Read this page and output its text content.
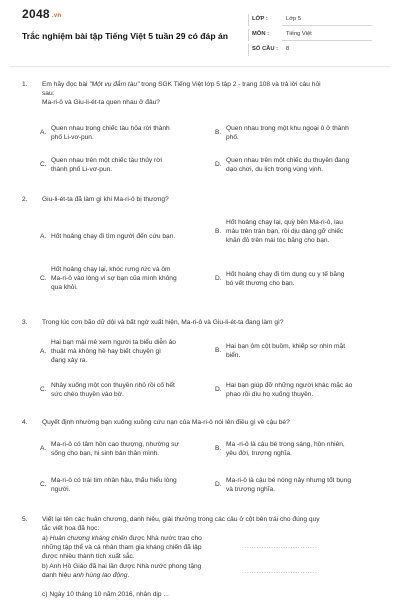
2048 .vn
Trắc nghiệm bài tập Tiếng Việt 5 tuần 29 có đáp án
LỚP :	Lớp 5
MÔN :	Tiếng Việt
SỐ CÂU : 8
1. Em hãy đọc bài "Một vụ đắm tàu" trong SGK Tiếng Việt lớp 5 tập 2 - trang 108 và trả lời câu hỏi
sau:
Ma-ri-ô và Giu-li-ét-ta quen nhau ở đâu?
A.
Quen nhau trong chiếc tàu hỏa rời thành
phố Li-vơ-pun.
B.
Quen nhau trong một khu ngoại ô ở thành
phố.
C.
Quen nhau trên một chiếc tàu thủy rời
thành phố Li-vơ-pun.
D.
Quen nhau trên một chiếc du thuyền đang
dạo chơi, du lịch trong vùng vịnh.
2. Giu-li-ét-ta đã làm gì khi Ma-ri-ô bị thương?
A. Hốt hoảng chạy đi tìm người đến cứu bạn.
B.
Hốt hoảng chạy lại, quỳ bên Ma-ri-ô, lau
máu trên trán bạn, rồi dịu dàng gỡ chiếc
khăn đỏ trên mái tóc băng cho bạn.
C.
Hốt hoảng chạy lại, khóc rưng rức và ôm
Ma-ri-ô vào lòng vì sợ bạn của mình không
qua khỏi.
D.
Hốt hoảng chạy đi tìm dụng cụ y tế băng
bó vết thương cho bạn.
3. Trong lúc cơn bão dữ dội và bất ngờ xuất hiện, Ma-ri-ô và Giu-li-ét-ta đang làm gì?
A.
Hai bạn mải mê xem người ta biểu diễn ảo
thuật mà không hề hay biết chuyện gì
đang xảy ra.
B.
Hai bạn ôm cột buồm, khiếp sợ nhìn mặt
biển.
C.
Nhảy xuống một con thuyền nhỏ rồi cố hết
sức chèo thuyền vào bờ.
D.
Hai bạn giúp đỡ những người khác mặc áo
phao rồi dìu họ xuống thuyền.
4. Quyết định nhường bạn xuống xuồng cứu nạn của Ma-ri-ô nói lên điều gì về cậu bé?
A.
Ma-ri-ô có tâm hồn cao thượng, nhường sự
sống cho bạn, hi sinh bản thân mình.
B.
Ma -ri-ô là cậu bé trong sáng, hồn nhiên,
yêu đời, trượng nghĩa.
C.
Ma-ri-ô có trái tim nhân hậu, thấu hiểu lòng
người.
D.
Ma-ri-ô là cậu bé nóng nảy nhưng tốt bụng
và trượng nghĩa.
5. Viết lại tên các huân chương, danh hiệu, giải thưởng trong các câu ở cột bên trái cho đúng quy
tắc viết hoa đã học:
a) Huân chương kháng chiến được Nhà nước trao cho
những tập thể và cá nhân tham gia kháng chiến đã lập
được nhiều thành tích xuất sắc.
...............................
b) Anh Hồ Giáo đã hai lần được Nhà nước phong tặng
danh hiệu anh hùng lao động.
...............................
c) Ngày 10 tháng 10 năm 2016, nhân dịp ...
